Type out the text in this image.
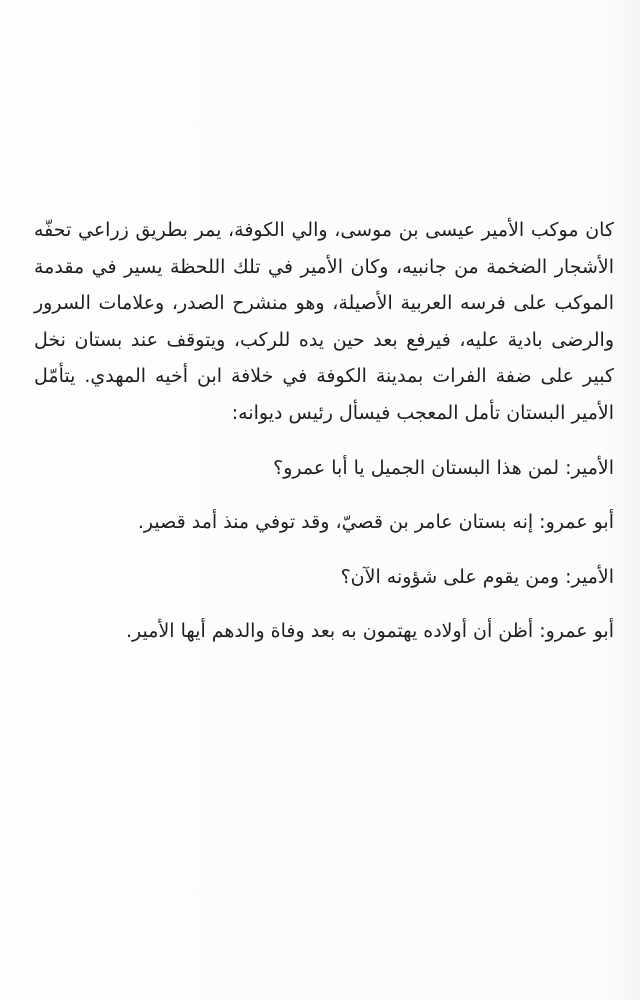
كان موكب الأمير عيسى بن موسى، والي الكوفة، يمر بطريق زراعي تحفّه الأشجار الضخمة من جانبيه، وكان الأمير في تلك اللحظة يسير في مقدمة الموكب على فرسه العربية الأصيلة، وهو منشرح الصدر، وعلامات السرور والرضى بادية عليه، فيرفع بعد حين يده للركب، ويتوقف عند بستان نخل كبير على ضفة الفرات بمدينة الكوفة في خلافة ابن أخيه المهدي. يتأمّل الأمير البستان تأمل المعجب فيسأل رئيس ديوانه:

الأمير: لمن هذا البستان الجميل يا أبا عمرو؟

أبو عمرو: إنه بستان عامر بن قصيّ، وقد توفي منذ أمد قصير.

الأمير: ومن يقوم على شؤونه الآن؟

أبو عمرو: أظن أن أولاده يهتمون به بعد وفاة والدهم أيها الأمير.
